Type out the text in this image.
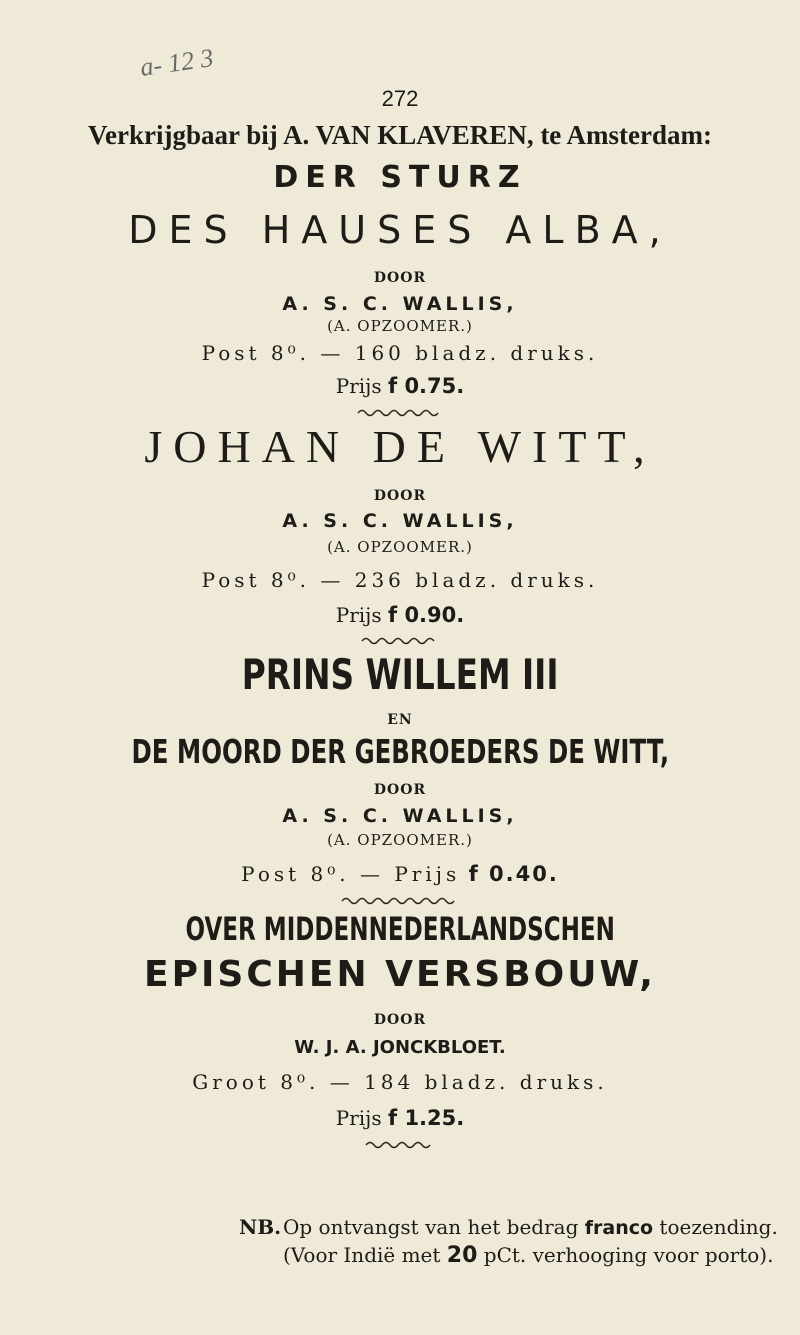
a- 12 3
272
Verkrijgbaar bij A. VAN KLAVEREN, te Amsterdam:
DER STURZ
DES HAUSES ALBA,
DOOR
A. S. C. WALLIS,
(A. OPZOOMER.)
Post 8⁰. — 160 bladz. druks.
Prijs f 0.75.
JOHAN DE WITT,
DOOR
A. S. C. WALLIS,
(A. OPZOOMER.)
Post 8⁰. — 236 bladz. druks.
Prijs f 0.90.
PRINS WILLEM III
EN
DE MOORD DER GEBROEDERS DE WITT,
DOOR
A. S. C. WALLIS,
(A. OPZOOMER.)
Post 8⁰. — Prijs f 0.40.
OVER MIDDENNEDERLANDSCHEN
EPISCHEN VERSBOUW,
DOOR
W. J. A. JONCKBLOET.
Groot 8⁰. — 184 bladz. druks.
Prijs f 1.25.
NB. Op ontvangst van het bedrag franco toezending.
(Voor Indië met 20 pCt. verhooging voor porto).
